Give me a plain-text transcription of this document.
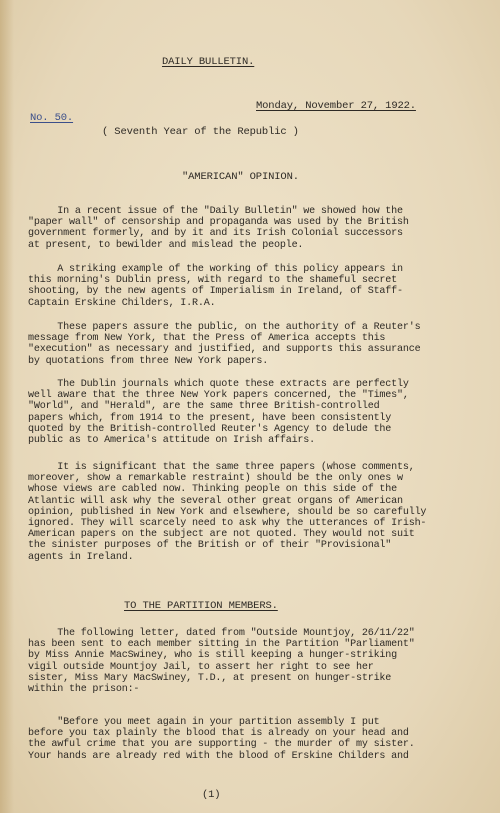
DAILY BULLETIN.
No. 50.
Monday, November 27, 1922.
( Seventh Year of the Republic )
"AMERICAN" OPINION.
In a recent issue of the "Daily Bulletin" we showed how the
"paper wall" of censorship and propaganda was used by the British
government formerly, and by it and its Irish Colonial successors
at present, to bewilder and mislead the people.
A striking example of the working of this policy appears in
this morning's Dublin press, with regard to the shameful secret
shooting, by the new agents of Imperialism in Ireland, of Staff-
Captain Erskine Childers, I.R.A.
These papers assure the public, on the authority of a Reuter's
message from New York, that the Press of America accepts this
"execution" as necessary and justified, and supports this assurance
by quotations from three New York papers.
The Dublin journals which quote these extracts are perfectly
well aware that the three New York papers concerned, the "Times",
"World", and "Herald", are the same three British-controlled
papers which, from 1914 to the present, have been consistently
quoted by the British-controlled Reuter's Agency to delude the
public as to America's attitude on Irish affairs.
It is significant that the same three papers (whose comments,
moreover, show a remarkable restraint) should be the only ones w
whose views are cabled now. Thinking people on this side of the
Atlantic will ask why the several other great organs of American
opinion, published in New York and elsewhere, should be so carefully
ignored. They will scarcely need to ask why the utterances of Irish-
American papers on the subject are not quoted. They would not suit
the sinister purposes of the British or of their "Provisional"
agents in Ireland.
TO THE PARTITION MEMBERS.
The following letter, dated from "Outside Mountjoy, 26/11/22"
has been sent to each member sitting in the Partition "Parliament"
by Miss Annie MacSwiney, who is still keeping a hunger-striking
vigil outside Mountjoy Jail, to assert her right to see her
sister, Miss Mary MacSwiney, T.D., at present on hunger-strike
within the prison:-
"Before you meet again in your partition assembly I put
before you tax plainly the blood that is already on your head and
the awful crime that you are supporting - the murder of my sister.
Your hands are already red with the blood of Erskine Childers and
(1)
